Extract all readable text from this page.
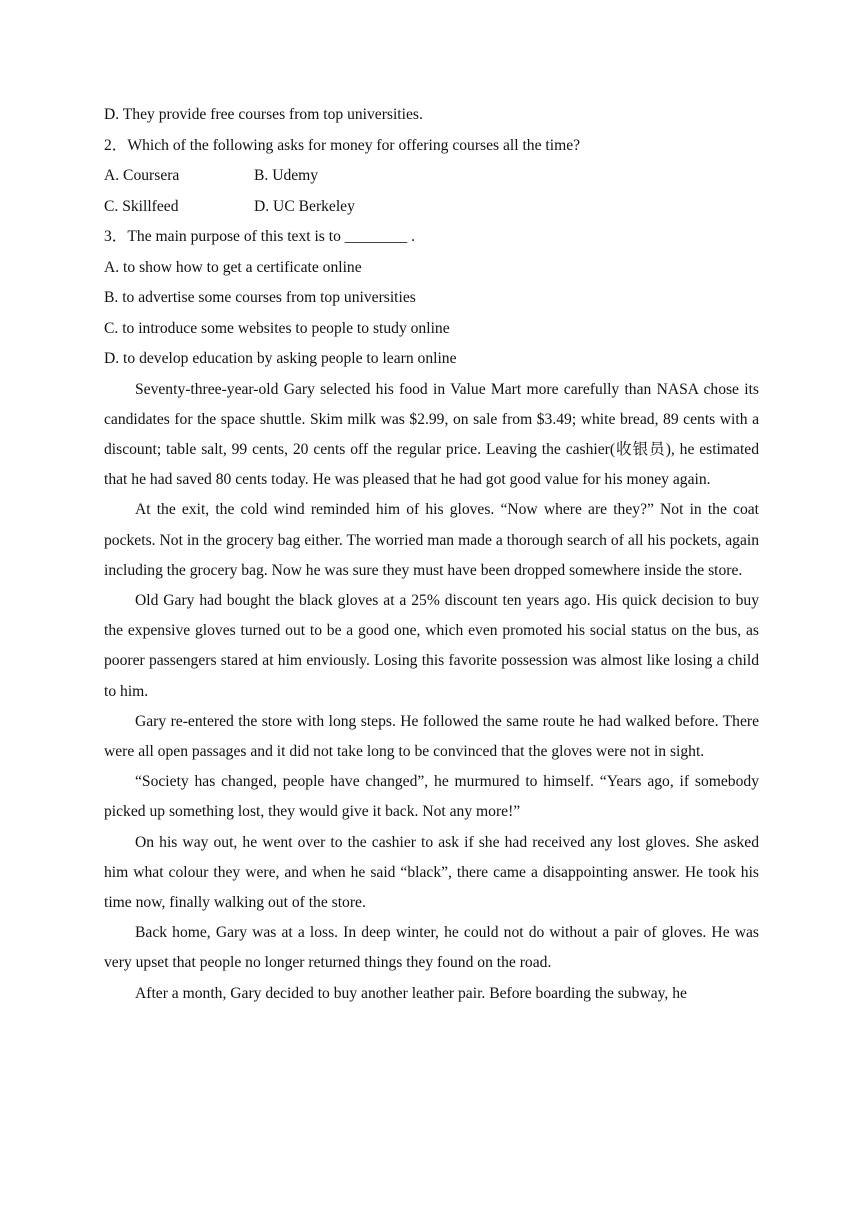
D. They provide free courses from top universities.
2．Which of the following asks for money for offering courses all the time?
A. Coursera	B. Udemy
C. Skillfeed	D. UC Berkeley
3．The main purpose of this text is to ________ .
A. to show how to get a certificate online
B. to advertise some courses from top universities
C. to introduce some websites to people to study online
D. to develop education by asking people to learn online

Seventy-three-year-old Gary selected his food in Value Mart more carefully than NASA chose its candidates for the space shuttle. Skim milk was $2.99, on sale from $3.49; white bread, 89 cents with a discount; table salt, 99 cents, 20 cents off the regular price. Leaving the cashier(收银员), he estimated that he had saved 80 cents today. He was pleased that he had got good value for his money again.

At the exit, the cold wind reminded him of his gloves. “Now where are they?” Not in the coat pockets. Not in the grocery bag either. The worried man made a thorough search of all his pockets, again including the grocery bag. Now he was sure they must have been dropped somewhere inside the store.

Old Gary had bought the black gloves at a 25% discount ten years ago. His quick decision to buy the expensive gloves turned out to be a good one, which even promoted his social status on the bus, as poorer passengers stared at him enviously. Losing this favorite possession was almost like losing a child to him.

Gary re-entered the store with long steps. He followed the same route he had walked before. There were all open passages and it did not take long to be convinced that the gloves were not in sight.

“Society has changed, people have changed”, he murmured to himself. “Years ago, if somebody picked up something lost, they would give it back. Not any more!”

On his way out, he went over to the cashier to ask if she had received any lost gloves. She asked him what colour they were, and when he said “black”, there came a disappointing answer. He took his time now, finally walking out of the store.

Back home, Gary was at a loss. In deep winter, he could not do without a pair of gloves. He was very upset that people no longer returned things they found on the road.

After a month, Gary decided to buy another leather pair. Before boarding the subway, he
